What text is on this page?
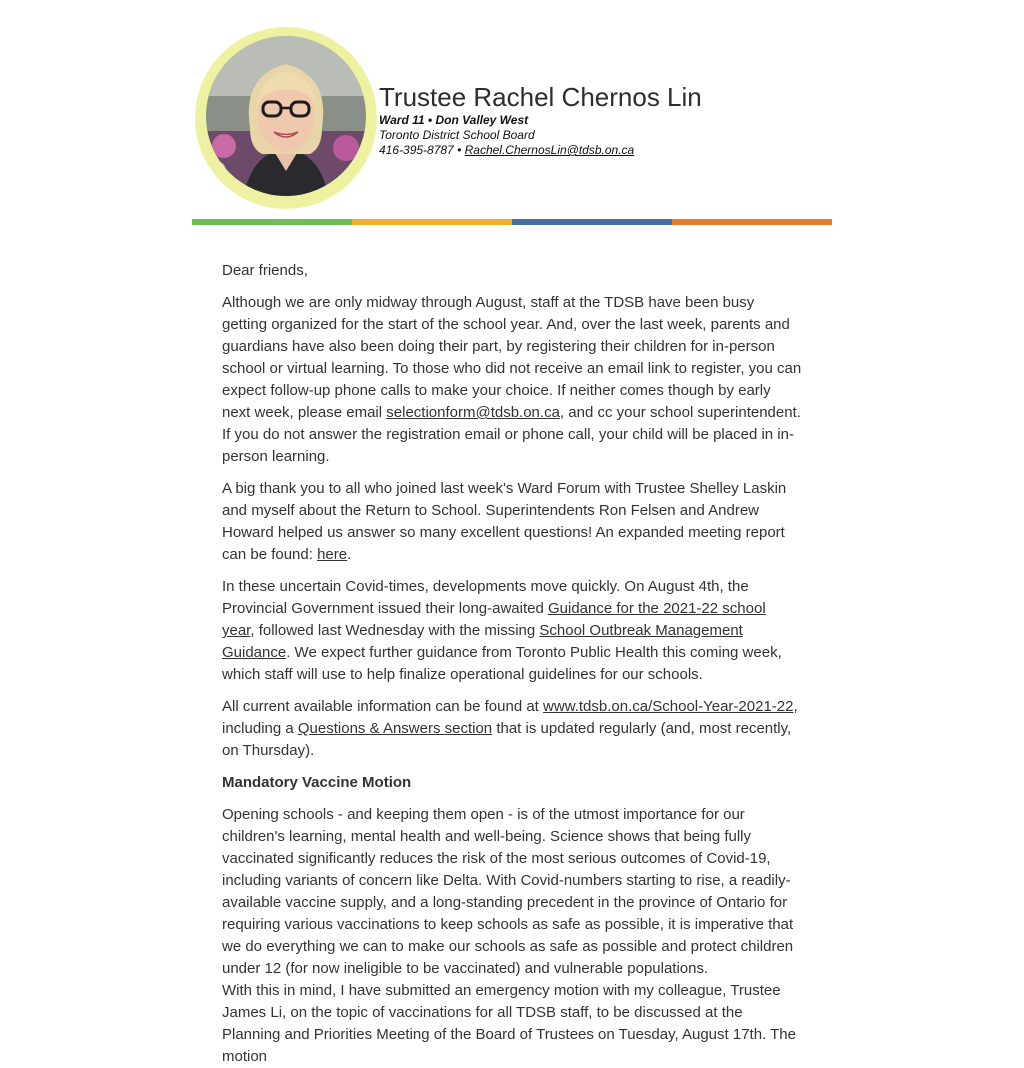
Trustee Rachel Chernos Lin
Ward 11 • Don Valley West
Toronto District School Board
416-395-8787 • Rachel.ChernosLin@tdsb.on.ca

Dear friends,

Although we are only midway through August, staff at the TDSB have been busy getting organized for the start of the school year. And, over the last week, parents and guardians have also been doing their part, by registering their children for in-person school or virtual learning. To those who did not receive an email link to register, you can expect follow-up phone calls to make your choice. If neither comes though by early next week, please email selectionform@tdsb.on.ca, and cc your school superintendent. If you do not answer the registration email or phone call, your child will be placed in in-person learning.

A big thank you to all who joined last week's Ward Forum with Trustee Shelley Laskin and myself about the Return to School. Superintendents Ron Felsen and Andrew Howard helped us answer so many excellent questions! An expanded meeting report can be found: here.

In these uncertain Covid-times, developments move quickly. On August 4th, the Provincial Government issued their long-awaited Guidance for the 2021-22 school year, followed last Wednesday with the missing School Outbreak Management Guidance. We expect further guidance from Toronto Public Health this coming week, which staff will use to help finalize operational guidelines for our schools.

All current available information can be found at www.tdsb.on.ca/School-Year-2021-22, including a Questions & Answers section that is updated regularly (and, most recently, on Thursday).

Mandatory Vaccine Motion

Opening schools - and keeping them open - is of the utmost importance for our children's learning, mental health and well-being. Science shows that being fully vaccinated significantly reduces the risk of the most serious outcomes of Covid-19, including variants of concern like Delta. With Covid-numbers starting to rise, a readily-available vaccine supply, and a long-standing precedent in the province of Ontario for requiring various vaccinations to keep schools as safe as possible, it is imperative that we do everything we can to make our schools as safe as possible and protect children under 12 (for now ineligible to be vaccinated) and vulnerable populations.

With this in mind, I have submitted an emergency motion with my colleague, Trustee James Li, on the topic of vaccinations for all TDSB staff, to be discussed at the Planning and Priorities Meeting of the Board of Trustees on Tuesday, August 17th. The motion
